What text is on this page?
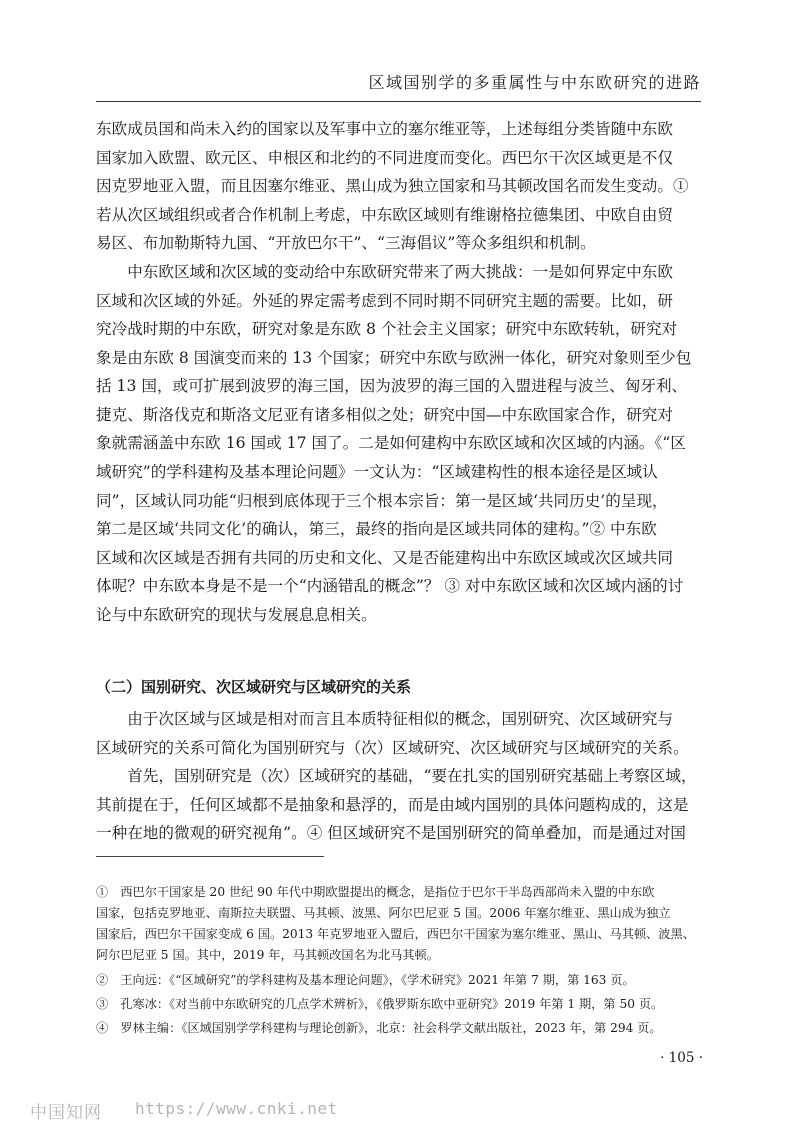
区域国别学的多重属性与中东欧研究的进路
东欧成员国和尚未入约的国家以及军事中立的塞尔维亚等，上述每组分类皆随中东欧
国家加入欧盟、欧元区、申根区和北约的不同进度而变化。西巴尔干次区域更是不仅
因克罗地亚入盟，而且因塞尔维亚、黑山成为独立国家和马其顿改国名而发生变动。①
若从次区域组织或者合作机制上考虑，中东欧区域则有维谢格拉德集团、中欧自由贸
易区、布加勒斯特九国、“开放巴尔干”、“三海倡议”等众多组织和机制。
　　中东欧区域和次区域的变动给中东欧研究带来了两大挑战：一是如何界定中东欧
区域和次区域的外延。外延的界定需考虑到不同时期不同研究主题的需要。比如，研
究冷战时期的中东欧，研究对象是东欧 8 个社会主义国家；研究中东欧转轨，研究对
象是由东欧 8 国演变而来的 13 个国家；研究中东欧与欧洲一体化，研究对象则至少包
括 13 国，或可扩展到波罗的海三国，因为波罗的海三国的入盟进程与波兰、匈牙利、
捷克、斯洛伐克和斯洛文尼亚有诸多相似之处；研究中国—中东欧国家合作，研究对
象就需涵盖中东欧 16 国或 17 国了。二是如何建构中东欧区域和次区域的内涵。《“区
域研究”的学科建构及基本理论问题》一文认为：“区域建构性的根本途径是区域认
同”，区域认同功能“归根到底体现于三个根本宗旨：第一是区域‘共同历史’的呈现，
第二是区域‘共同文化’的确认，第三，最终的指向是区域共同体的建构。”② 中东欧
区域和次区域是否拥有共同的历史和文化、又是否能建构出中东欧区域或次区域共同
体呢？中东欧本身是不是一个“内涵错乱的概念”？ ③ 对中东欧区域和次区域内涵的讨
论与中东欧研究的现状与发展息息相关。
（二）国别研究、次区域研究与区域研究的关系
　　由于次区域与区域是相对而言且本质特征相似的概念，国别研究、次区域研究与
区域研究的关系可简化为国别研究与（次）区域研究、次区域研究与区域研究的关系。
　　首先，国别研究是（次）区域研究的基础，“要在扎实的国别研究基础上考察区域，
其前提在于，任何区域都不是抽象和悬浮的，而是由域内国别的具体问题构成的，这是
一种在地的微观的研究视角”。④ 但区域研究不是国别研究的简单叠加，而是通过对国
①　西巴尔干国家是 20 世纪 90 年代中期欧盟提出的概念，是指位于巴尔干半岛西部尚未入盟的中东欧
国家，包括克罗地亚、南斯拉夫联盟、马其顿、波黑、阿尔巴尼亚 5 国。2006 年塞尔维亚、黑山成为独立
国家后，西巴尔干国家变成 6 国。2013 年克罗地亚入盟后，西巴尔干国家为塞尔维亚、黑山、马其顿、波黑、
阿尔巴尼亚 5 国。其中，2019 年，马其顿改国名为北马其顿。
②　王向远：《“区域研究”的学科建构及基本理论问题》，《学术研究》2021 年第 7 期，第 163 页。
③　孔寒冰：《对当前中东欧研究的几点学术辨析》，《俄罗斯东欧中亚研究》2019 年第 1 期，第 50 页。
④　罗林主编：《区域国别学学科建构与理论创新》，北京：社会科学文献出版社，2023 年，第 294 页。
· 105 ·
中国知网 https://www.cnki.net
